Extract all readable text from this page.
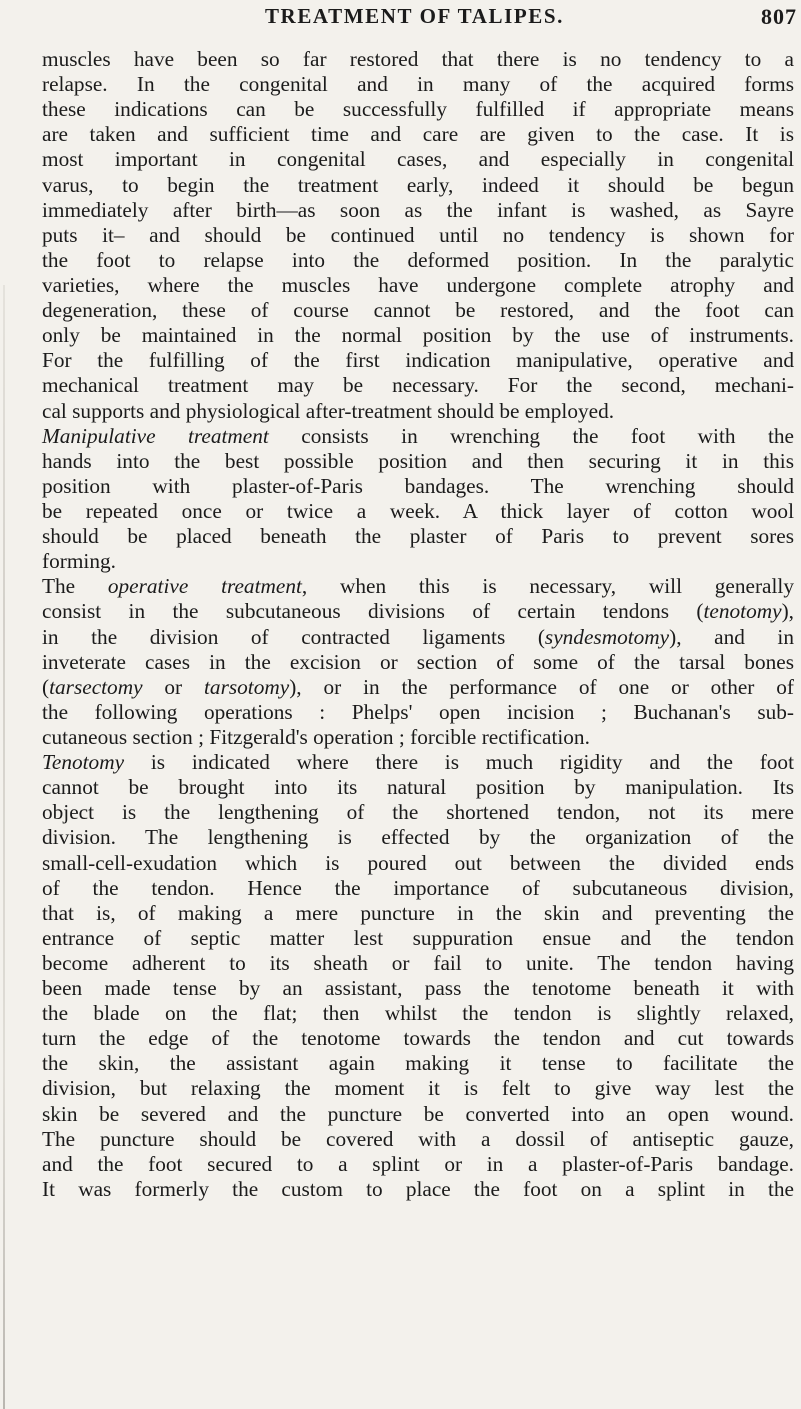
TREATMENT OF TALIPES.	807
muscles have been so far restored that there is no tendency to a
relapse. In the congenital and in many of the acquired forms
these indications can be successfully fulfilled if appropriate means
are taken and sufficient time and care are given to the case. It is
most important in congenital cases, and especially in congenital
varus, to begin the treatment early, indeed it should be begun
immediately after birth—as soon as the infant is washed, as Sayre
puts it– and should be continued until no tendency is shown for
the foot to relapse into the deformed position. In the paralytic
varieties, where the muscles have undergone complete atrophy and
degeneration, these of course cannot be restored, and the foot can
only be maintained in the normal position by the use of instruments.
For the fulfilling of the first indication manipulative, operative and
mechanical treatment may be necessary. For the second, mechani-
cal supports and physiological after-treatment should be employed.
Manipulative treatment consists in wrenching the foot with the
hands into the best possible position and then securing it in this
position with plaster-of-Paris bandages. The wrenching should
be repeated once or twice a week. A thick layer of cotton wool
should be placed beneath the plaster of Paris to prevent sores
forming.
The operative treatment, when this is necessary, will generally
consist in the subcutaneous divisions of certain tendons (tenotomy),
in the division of contracted ligaments (syndesmotomy), and in
inveterate cases in the excision or section of some of the tarsal bones
(tarsectomy or tarsotomy), or in the performance of one or other of
the following operations : Phelps' open incision ; Buchanan's sub-
cutaneous section ; Fitzgerald's operation ; forcible rectification.
Tenotomy is indicated where there is much rigidity and the foot
cannot be brought into its natural position by manipulation. Its
object is the lengthening of the shortened tendon, not its mere
division. The lengthening is effected by the organization of the
small-cell-exudation which is poured out between the divided ends
of the tendon. Hence the importance of subcutaneous division,
that is, of making a mere puncture in the skin and preventing the
entrance of septic matter lest suppuration ensue and the tendon
become adherent to its sheath or fail to unite. The tendon having
been made tense by an assistant, pass the tenotome beneath it with
the blade on the flat; then whilst the tendon is slightly relaxed,
turn the edge of the tenotome towards the tendon and cut towards
the skin, the assistant again making it tense to facilitate the
division, but relaxing the moment it is felt to give way lest the
skin be severed and the puncture be converted into an open wound.
The puncture should be covered with a dossil of antiseptic gauze,
and the foot secured to a splint or in a plaster-of-Paris bandage.
It was formerly the custom to place the foot on a splint in the
